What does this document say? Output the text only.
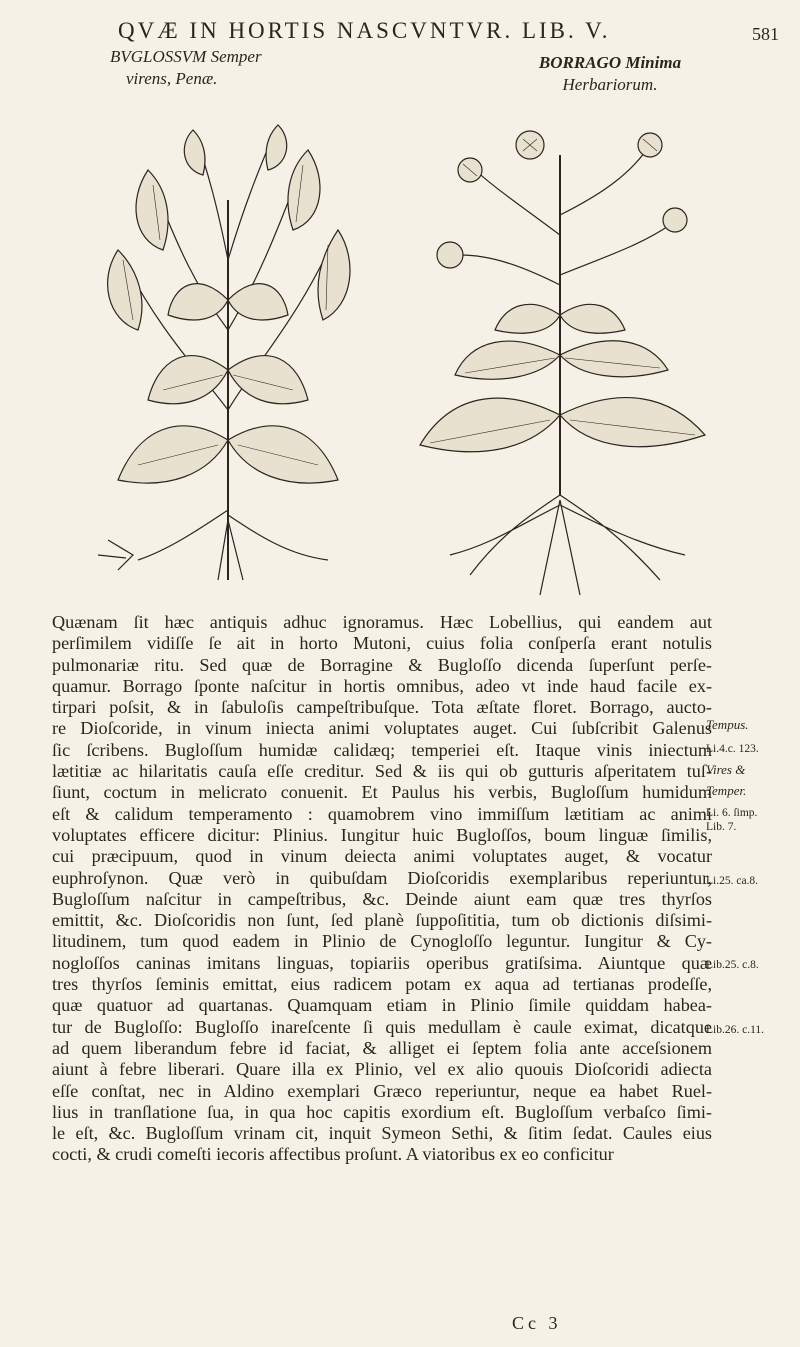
QVÆ IN HORTIS NASCVNTVR. LIB. V.	581
BVGLOSSVM Semper
virens, Penæ.
BORRAGO Minima
Herbariorum.
Quænam ſit hæc antiquis adhuc ignoramus. Hæc Lobellius, qui eandem aut
perſimilem vidiſſe ſe ait in horto Mutoni, cuius folia conſperſa erant notulis
pulmonariæ ritu. Sed quæ de Borragine & Bugloſſo dicenda ſuperſunt perſe-
quamur. Borrago ſponte naſcitur in hortis omnibus, adeo vt inde haud facile ex-
tirpari poſsit, & in ſabuloſis campeſtribuſque. Tota æſtate floret. Borrago, aucto-
re Dioſcoride, in vinum iniecta animi voluptates auget. Cui ſubſcribit Galenus
ſic ſcribens. Bugloſſum humidæ calidæq; temperiei eſt. Itaque vinis iniectum
lætitiæ ac hilaritatis cauſa eſſe creditur. Sed & iis qui ob gutturis aſperitatem tuſ-
ſiunt, coctum in melicrato conuenit. Et Paulus his verbis, Bugloſſum humidum
eſt & calidum temperamento : quamobrem vino immiſſum lætitiam ac animi
voluptates efficere dicitur: Plinius. Iungitur huic Bugloſſos, boum linguæ ſimilis,
cui præcipuum, quod in vinum deiecta animi voluptates auget, & vocatur
euphroſynon. Quæ verò in quibuſdam Dioſcoridis exemplaribus reperiuntur,
Bugloſſum naſcitur in campeſtribus, &c. Deinde aiunt eam quæ tres thyrſos
emittit, &c. Dioſcoridis non ſunt, ſed planè ſuppoſititia, tum ob dictionis diſsimi-
litudinem, tum quod eadem in Plinio de Cynogloſſo leguntur. Iungitur & Cy-
nogloſſos caninas imitans linguas, topiariis operibus gratiſsima. Aiuntque quæ
tres thyrſos ſeminis emittat, eius radicem potam ex aqua ad tertianas prodeſſe,
quæ quatuor ad quartanas. Quamquam etiam in Plinio ſimile quiddam habea-
tur de Bugloſſo: Bugloſſo inareſcente ſi quis medullam è caule eximat, dicatque
ad quem liberandum febre id faciat, & alliget ei ſeptem folia ante acceſsionem
aiunt à febre liberari. Quare illa ex Plinio, vel ex alio quouis Dioſcoridi adiecta
eſſe conſtat, nec in Aldino exemplari Græco reperiuntur, neque ea habet Ruel-
lius in tranſlatione ſua, in qua hoc capitis exordium eſt. Bugloſſum verbaſco ſimi-
le eſt, &c. Bugloſſum vrinam cit, inquit Symeon Sethi, & ſitim ſedat. Caules eius
cocti, & crudi comeſti iecoris affectibus proſunt. A viatoribus ex eo conficitur
Tempus.
Li.4.c. 123.
Vires &
Temper.
Li. 6. ſimp.
Lib. 7.
Li.25. ca.8.
Lib.25. c.8.
Lib.26. c.11.
Cc 3
